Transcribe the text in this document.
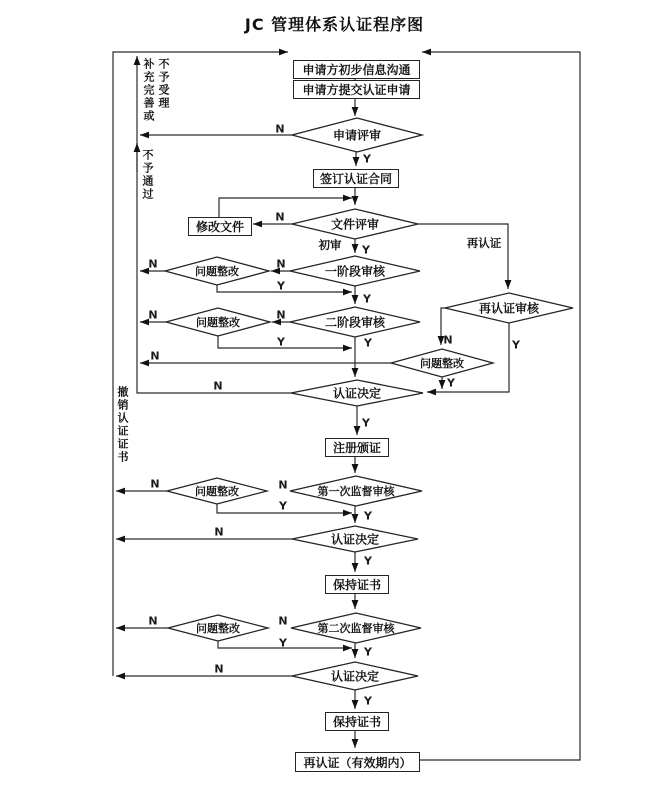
JC 管理体系认证程序图
申请方初步信息沟通
申请方提交认证申请
签订认证合同
修改文件
注册颁证
保持证书
保持证书
再认证（有效期内）
申请评审
文件评审
一阶段审核
二阶段审核
认证决定
第一次监督审核
认证决定
第二次监督审核
认证决定
问题整改
问题整改
问题整改
问题整改
问题整改
再认证审核
初审	再认证
N
Y
N
Y
N
N
Y
Y
N
N
Y	Y
N
N	Y
Y
N
Y
N
N
Y
Y
N
Y
N
N
Y
Y
N
Y
补充完善或 不予受理
不予通过
撤销认证证书
